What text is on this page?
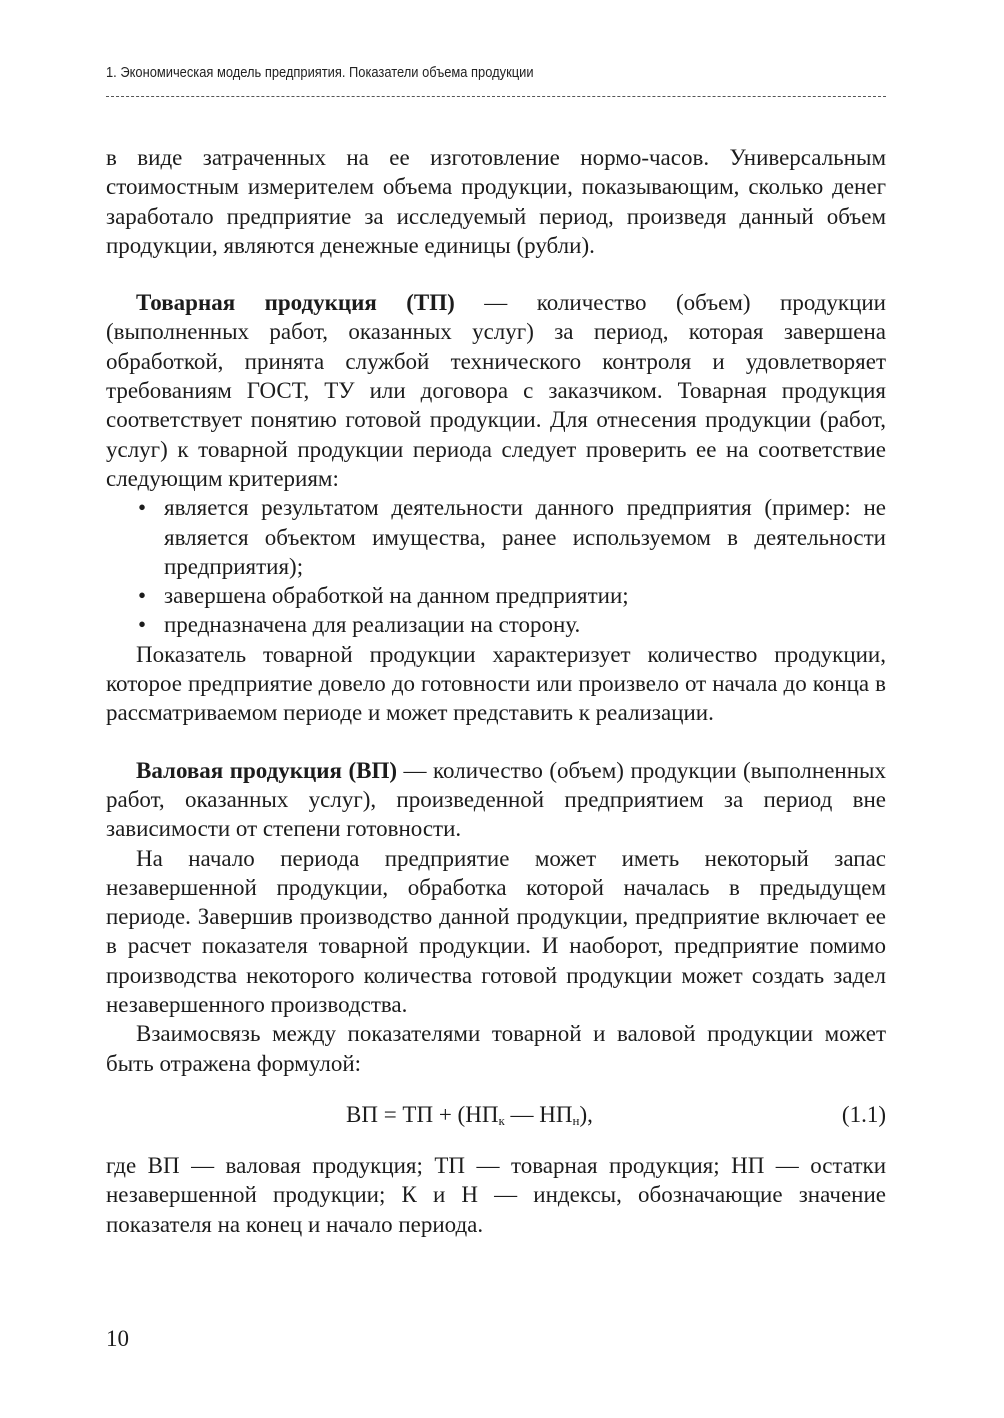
1. Экономическая модель предприятия. Показатели объема продукции

в виде затраченных на ее изготовление нормо-часов. Универсальным стоимостным измерителем объема продукции, показывающим, сколько денег заработало предприятие за исследуемый период, произведя данный объем продукции, являются денежные единицы (рубли).

Товарная продукция (ТП) — количество (объем) продукции (выполненных работ, оказанных услуг) за период, которая завершена обработкой, принята службой технического контроля и удовлетворяет требованиям ГОСТ, ТУ или договора с заказчиком. Товарная продукция соответствует понятию готовой продукции. Для отнесения продукции (работ, услуг) к товарной продукции периода следует проверить ее на соответствие следующим критериям:

• является результатом деятельности данного предприятия (пример: не является объектом имущества, ранее используемом в деятельности предприятия);
• завершена обработкой на данном предприятии;
• предназначена для реализации на сторону.

Показатель товарной продукции характеризует количество продукции, которое предприятие довело до готовности или произвело от начала до конца в рассматриваемом периоде и может представить к реализации.

Валовая продукция (ВП) — количество (объем) продукции (выполненных работ, оказанных услуг), произведенной предприятием за период вне зависимости от степени готовности.

На начало периода предприятие может иметь некоторый запас незавершенной продукции, обработка которой началась в предыдущем периоде. Завершив производство данной продукции, предприятие включает ее в расчет показателя товарной продукции. И наоборот, предприятие помимо производства некоторого количества готовой продукции может создать задел незавершенного производства.

Взаимосвязь между показателями товарной и валовой продукции может быть отражена формулой:

ВП = ТП + ($НП_к$ — $НП_н$),	(1.1)

где ВП — валовая продукция; ТП — товарная продукция; НП — остатки незавершенной продукции; К и Н — индексы, обозначающие значение показателя на конец и начало периода.

10
